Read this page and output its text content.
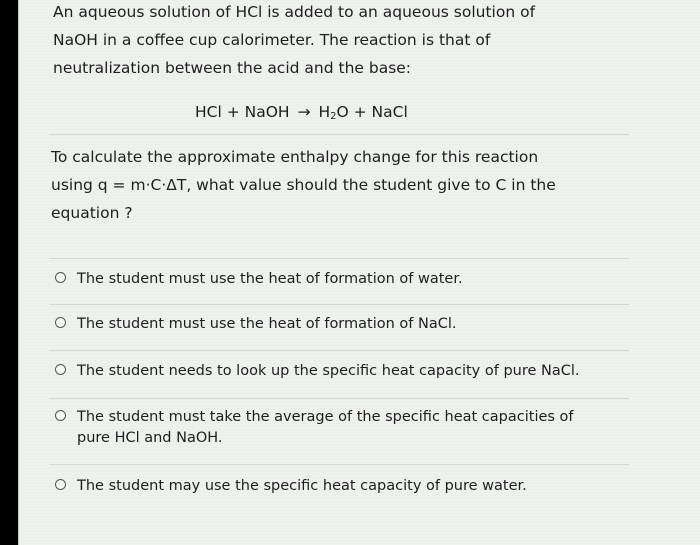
An aqueous solution of HCl is added to an aqueous solution of
NaOH in a coffee cup calorimeter. The reaction is that of
neutralization between the acid and the base:
HCl + NaOH → $H_2O$ + NaCl
To calculate the approximate enthalpy change for this reaction
using q = m·C·ΔT, what value should the student give to C in the
equation ?
The student must use the heat of formation of water.
The student must use the heat of formation of NaCl.
The student needs to look up the specific heat capacity of pure NaCl.
The student must take the average of the specific heat capacities of
pure HCl and NaOH.
The student may use the specific heat capacity of pure water.
